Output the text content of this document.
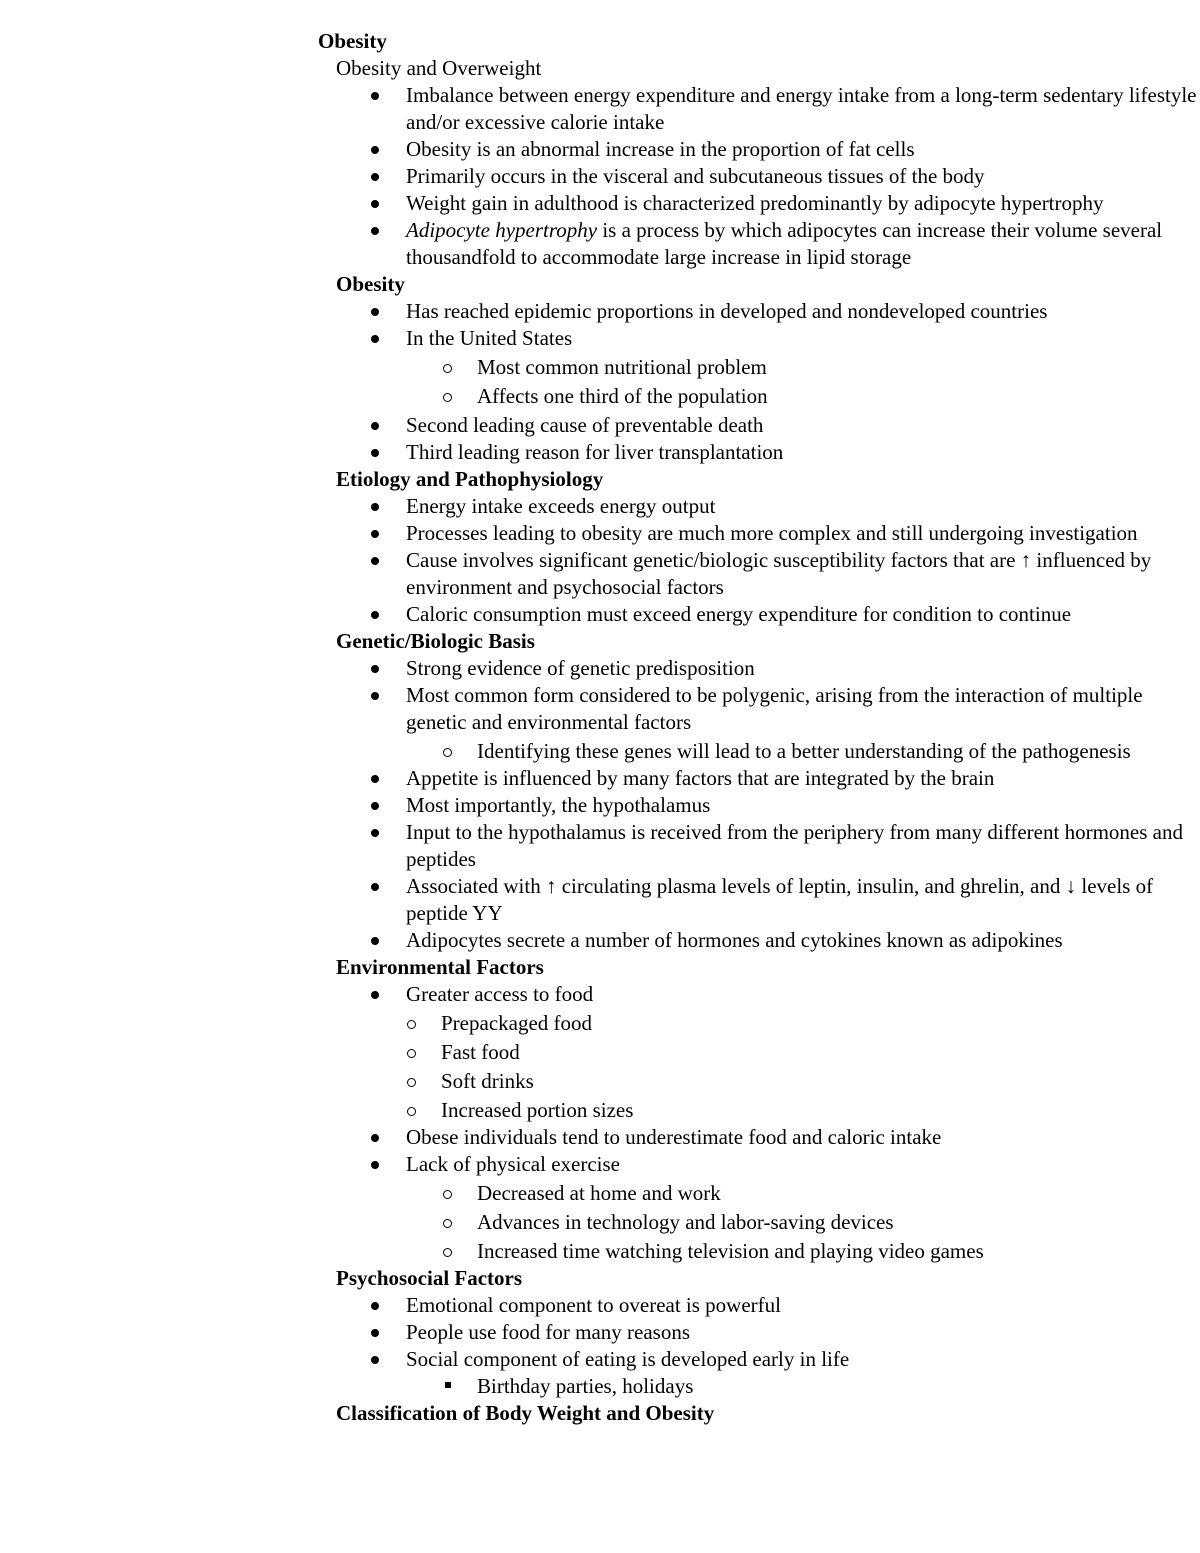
Obesity
Obesity and Overweight
Imbalance between energy expenditure and energy intake from a long-term sedentary lifestyle and/or excessive calorie intake
Obesity is an abnormal increase in the proportion of fat cells
Primarily occurs in the visceral and subcutaneous tissues of the body
Weight gain in adulthood is characterized predominantly by adipocyte hypertrophy
Adipocyte hypertrophy is a process by which adipocytes can increase their volume several thousandfold to accommodate large increase in lipid storage
Obesity
Has reached epidemic proportions in developed and nondeveloped countries
In the United States
Most common nutritional problem
Affects one third of the population
Second leading cause of preventable death
Third leading reason for liver transplantation
Etiology and Pathophysiology
Energy intake exceeds energy output
Processes leading to obesity are much more complex and still undergoing investigation
Cause involves significant genetic/biologic susceptibility factors that are ↑ influenced by environment and psychosocial factors
Caloric consumption must exceed energy expenditure for condition to continue
Genetic/Biologic Basis
Strong evidence of genetic predisposition
Most common form considered to be polygenic, arising from the interaction of multiple genetic and environmental factors
Identifying these genes will lead to a better understanding of the pathogenesis
Appetite is influenced by many factors that are integrated by the brain
Most importantly, the hypothalamus
Input to the hypothalamus is received from the periphery from many different hormones and peptides
Associated with ↑ circulating plasma levels of leptin, insulin, and ghrelin, and ↓ levels of peptide YY
Adipocytes secrete a number of hormones and cytokines known as adipokines
Environmental Factors
Greater access to food
Prepackaged food
Fast food
Soft drinks
Increased portion sizes
Obese individuals tend to underestimate food and caloric intake
Lack of physical exercise
Decreased at home and work
Advances in technology and labor-saving devices
Increased time watching television and playing video games
Psychosocial Factors
Emotional component to overeat is powerful
People use food for many reasons
Social component of eating is developed early in life
Birthday parties, holidays
Classification of Body Weight and Obesity
